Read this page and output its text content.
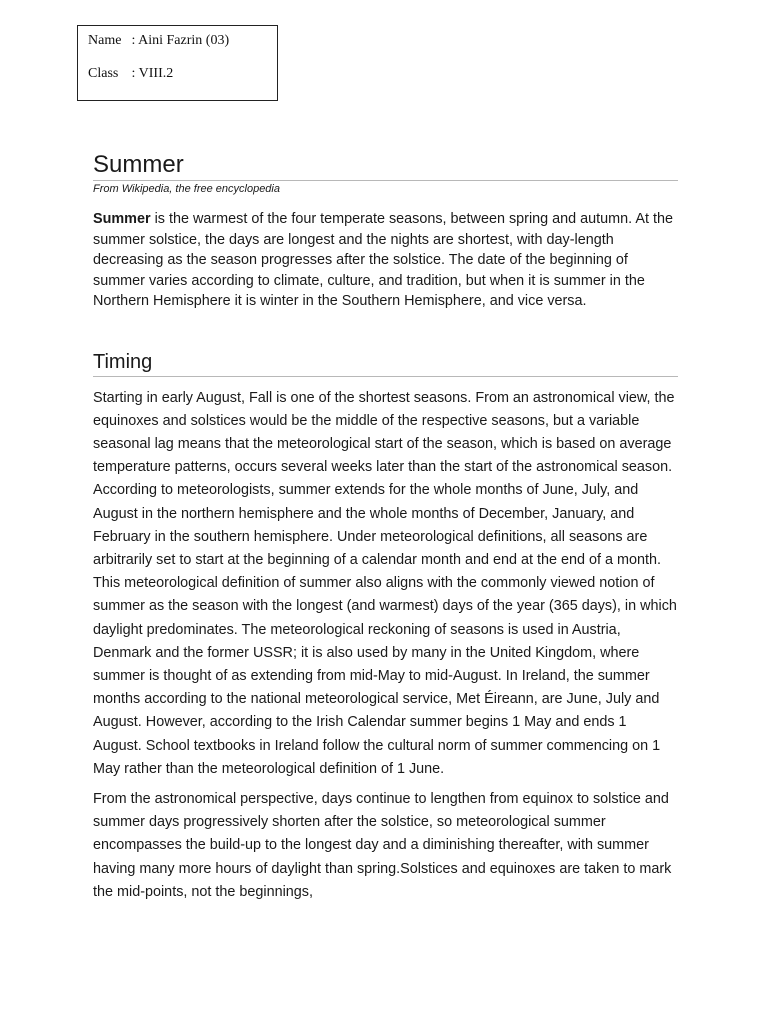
Name : Aini Fazrin (03)
Class : VIII.2
Summer

From Wikipedia, the free encyclopedia

Summer is the warmest of the four temperate seasons, between spring and autumn. At the summer solstice, the days are longest and the nights are shortest, with day-length decreasing as the season progresses after the solstice. The date of the beginning of summer varies according to climate, culture, and tradition, but when it is summer in the Northern Hemisphere it is winter in the Southern Hemisphere, and vice versa.

Timing

Starting in early August, Fall is one of the shortest seasons. From an astronomical view, the equinoxes and solstices would be the middle of the respective seasons, but a variable seasonal lag means that the meteorological start of the season, which is based on average temperature patterns, occurs several weeks later than the start of the astronomical season. According to meteorologists, summer extends for the whole months of June, July, and August in the northern hemisphere and the whole months of December, January, and February in the southern hemisphere. Under meteorological definitions, all seasons are arbitrarily set to start at the beginning of a calendar month and end at the end of a month. This meteorological definition of summer also aligns with the commonly viewed notion of summer as the season with the longest (and warmest) days of the year (365 days), in which daylight predominates. The meteorological reckoning of seasons is used in Austria, Denmark and the former USSR; it is also used by many in the United Kingdom, where summer is thought of as extending from mid-May to mid-August. In Ireland, the summer months according to the national meteorological service, Met Éireann, are June, July and August. However, according to the Irish Calendar summer begins 1 May and ends 1 August. School textbooks in Ireland follow the cultural norm of summer commencing on 1 May rather than the meteorological definition of 1 June.

From the astronomical perspective, days continue to lengthen from equinox to solstice and summer days progressively shorten after the solstice, so meteorological summer encompasses the build-up to the longest day and a diminishing thereafter, with summer having many more hours of daylight than spring.Solstices and equinoxes are taken to mark the mid-points, not the beginnings,
